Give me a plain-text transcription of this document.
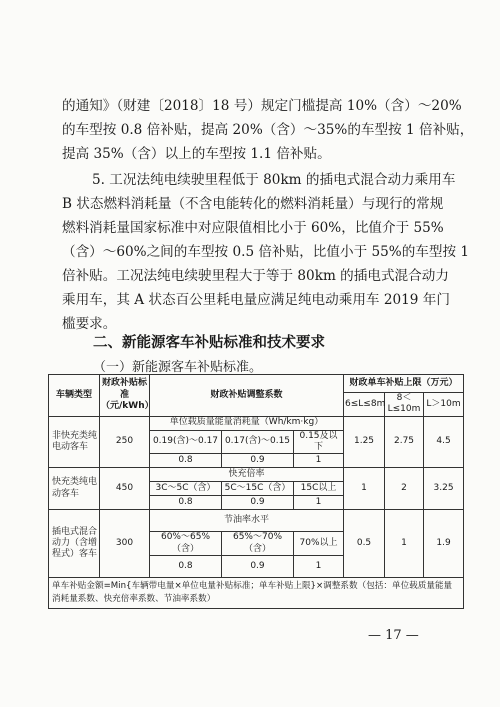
的通知》（财建〔2018〕18 号）规定门槛提高 10%（含）～20%
的车型按 0.8 倍补贴，提高 20%（含）～35%的车型按 1 倍补贴，
提高 35%（含）以上的车型按 1.1 倍补贴。
5. 工况法纯电续驶里程低于 80km 的插电式混合动力乘用车
B 状态燃料消耗量（不含电能转化的燃料消耗量）与现行的常规
燃料消耗量国家标准中对应限值相比小于 60%，比值介于 55%
（含）～60%之间的车型按 0.5 倍补贴，比值小于 55%的车型按 1
倍补贴。工况法纯电续驶里程大于等于 80km 的插电式混合动力
乘用车，其 A 状态百公里耗电量应满足纯电动乘用车 2019 年门
槛要求。
二、新能源客车补贴标准和技术要求
（一）新能源客车补贴标准。
车辆类型	财政补贴标准（元/kWh）	财政补贴调整系数			财政单车补贴上限（万元）		
					6≤L≤8m	8＜L≤10m	L＞10m
非快充类纯电动客车	250	单位载质量能量消耗量（Wh/km·kg）			1.25	2.75	4.5
		0.19(含)～0.17	0.17(含)～0.15	0.15及以下			
		0.8	0.9	1			
快充类纯电动客车	450	快充倍率			1	2	3.25
		3C～5C（含）	5C～15C（含）	15C以上			
		0.8	0.9	1			
插电式混合动力（含增程式）客车	300	节油率水平			0.5	1	1.9
		60%～65%（含）	65%～70%（含）	70%以上			
		0.8	0.9	1			
单车补贴金额=Min{车辆带电量×单位电量补贴标准；单车补贴上限}×调整系数（包括：单位载质量能量消耗量系数、快充倍率系数、节油率系数）							
— 17 —
